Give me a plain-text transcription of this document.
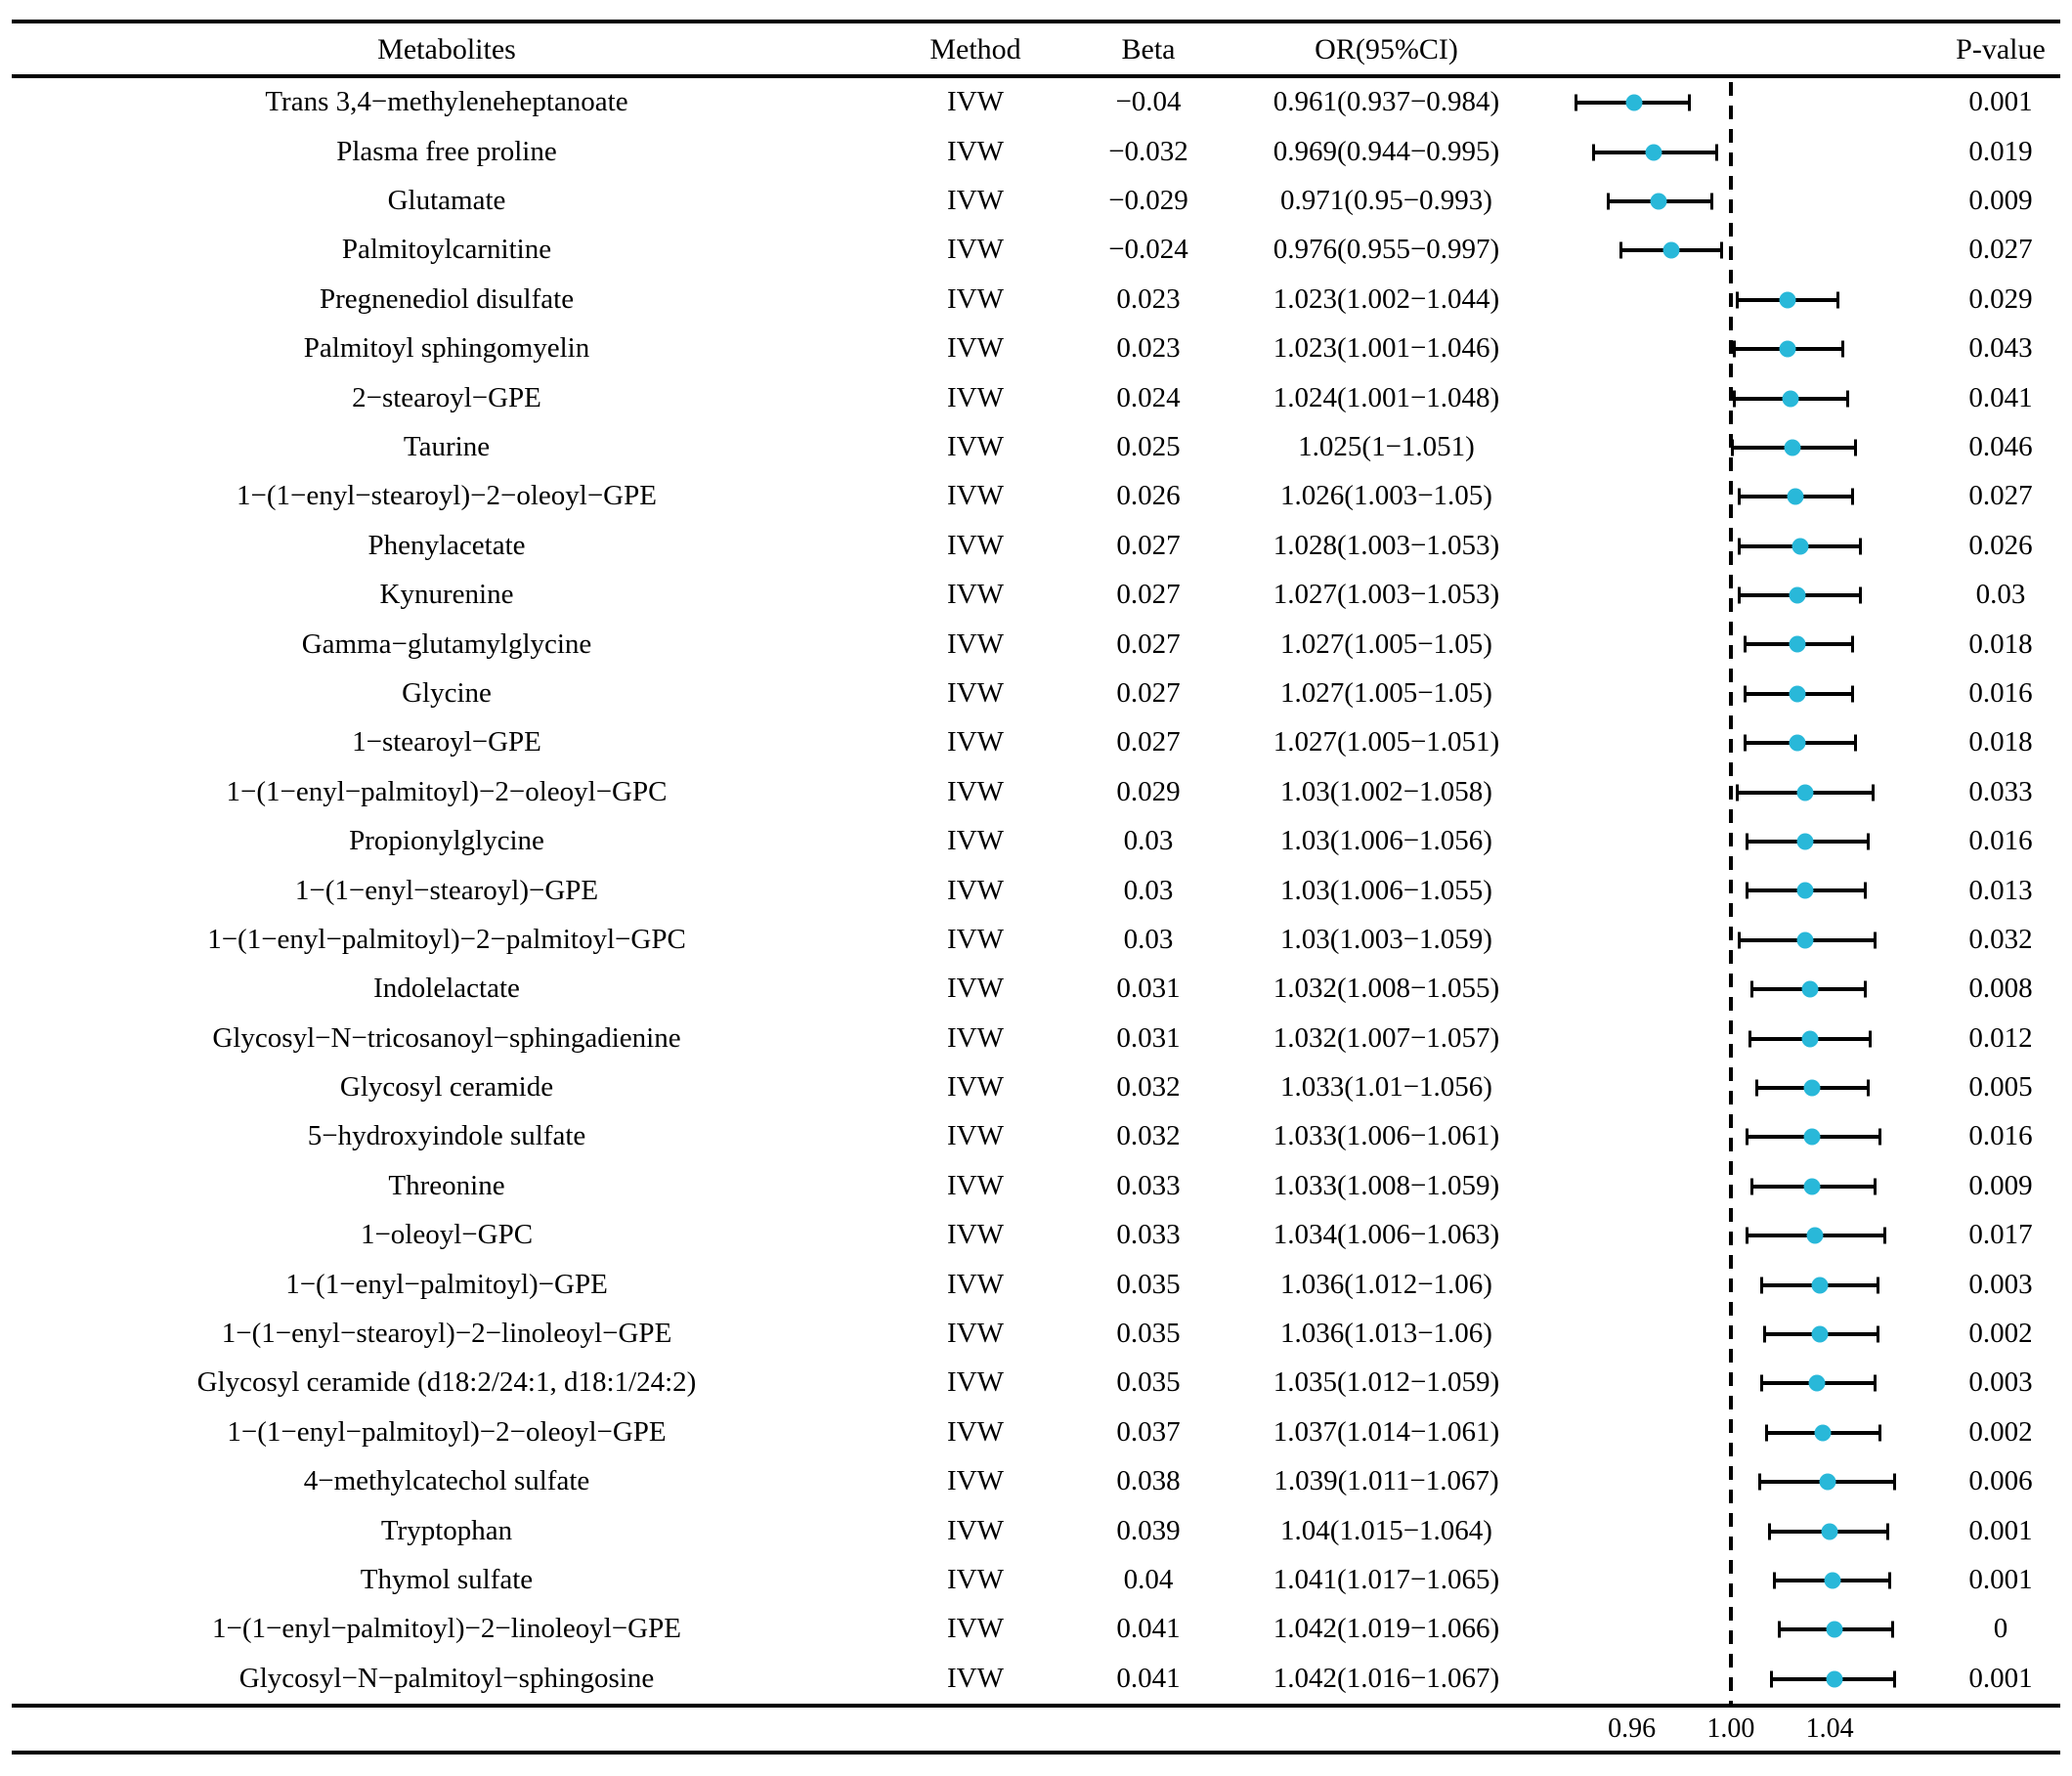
Metabolites	Method	Beta	OR(95%CI)	P-value
Trans 3,4−methyleneheptanoate	IVW	−0.04	0.961(0.937−0.984)	0.001
Plasma free proline	IVW	−0.032	0.969(0.944−0.995)	0.019
Glutamate	IVW	−0.029	0.971(0.95−0.993)	0.009
Palmitoylcarnitine	IVW	−0.024	0.976(0.955−0.997)	0.027
Pregnenediol disulfate	IVW	0.023	1.023(1.002−1.044)	0.029
Palmitoyl sphingomyelin	IVW	0.023	1.023(1.001−1.046)	0.043
2−stearoyl−GPE	IVW	0.024	1.024(1.001−1.048)	0.041
Taurine	IVW	0.025	1.025(1−1.051)	0.046
1−(1−enyl−stearoyl)−2−oleoyl−GPE	IVW	0.026	1.026(1.003−1.05)	0.027
Phenylacetate	IVW	0.027	1.028(1.003−1.053)	0.026
Kynurenine	IVW	0.027	1.027(1.003−1.053)	0.03
Gamma−glutamylglycine	IVW	0.027	1.027(1.005−1.05)	0.018
Glycine	IVW	0.027	1.027(1.005−1.05)	0.016
1−stearoyl−GPE	IVW	0.027	1.027(1.005−1.051)	0.018
1−(1−enyl−palmitoyl)−2−oleoyl−GPC	IVW	0.029	1.03(1.002−1.058)	0.033
Propionylglycine	IVW	0.03	1.03(1.006−1.056)	0.016
1−(1−enyl−stearoyl)−GPE	IVW	0.03	1.03(1.006−1.055)	0.013
1−(1−enyl−palmitoyl)−2−palmitoyl−GPC	IVW	0.03	1.03(1.003−1.059)	0.032
Indolelactate	IVW	0.031	1.032(1.008−1.055)	0.008
Glycosyl−N−tricosanoyl−sphingadienine	IVW	0.031	1.032(1.007−1.057)	0.012
Glycosyl ceramide	IVW	0.032	1.033(1.01−1.056)	0.005
5−hydroxyindole sulfate	IVW	0.032	1.033(1.006−1.061)	0.016
Threonine	IVW	0.033	1.033(1.008−1.059)	0.009
1−oleoyl−GPC	IVW	0.033	1.034(1.006−1.063)	0.017
1−(1−enyl−palmitoyl)−GPE	IVW	0.035	1.036(1.012−1.06)	0.003
1−(1−enyl−stearoyl)−2−linoleoyl−GPE	IVW	0.035	1.036(1.013−1.06)	0.002
Glycosyl ceramide (d18:2/24:1, d18:1/24:2)	IVW	0.035	1.035(1.012−1.059)	0.003
1−(1−enyl−palmitoyl)−2−oleoyl−GPE	IVW	0.037	1.037(1.014−1.061)	0.002
4−methylcatechol sulfate	IVW	0.038	1.039(1.011−1.067)	0.006
Tryptophan	IVW	0.039	1.04(1.015−1.064)	0.001
Thymol sulfate	IVW	0.04	1.041(1.017−1.065)	0.001
1−(1−enyl−palmitoyl)−2−linoleoyl−GPE	IVW	0.041	1.042(1.019−1.066)	0
Glycosyl−N−palmitoyl−sphingosine	IVW	0.041	1.042(1.016−1.067)	0.001
0.96 1.00 1.04
